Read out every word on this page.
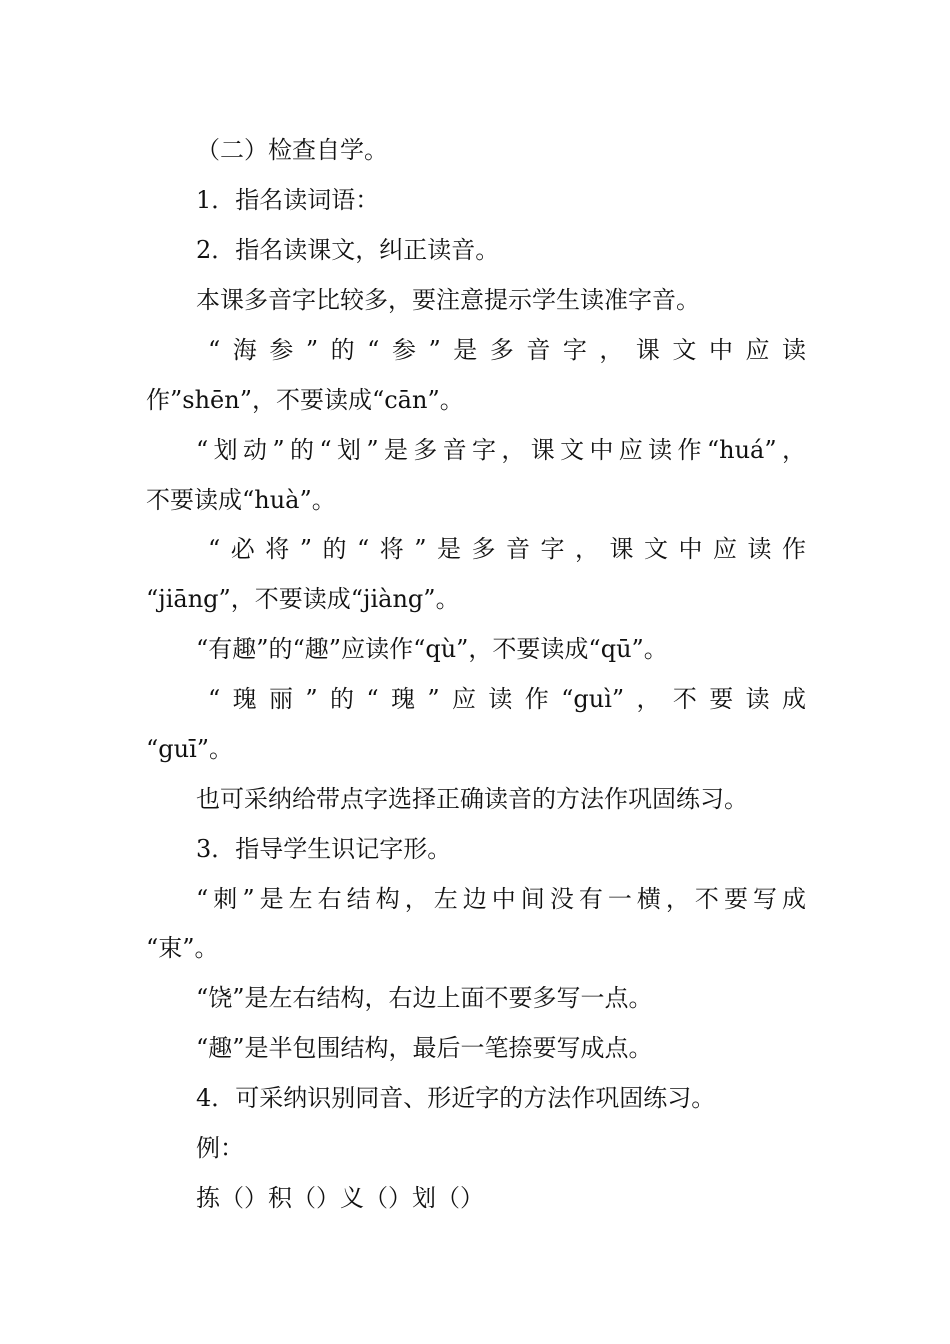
（二）检查自学。
1．指名读词语：
2．指名读课文，纠正读音。
本课多音字比较多，要注意提示学生读准字音。
“海参”的“参”是多音字，课文中应读
作”shēn”，不要读成“cān”。
“划动”的“划”是多音字，课文中应读作“huá”，
不要读成“huà”。
“必将”的“将”是多音字，课文中应读作
“jiāng”，不要读成“jiàng”。
“有趣”的“趣”应读作“qù”，不要读成“qū”。
“瑰丽”的“瑰”应读作“guì”，不要读成
“guī”。
也可采纳给带点字选择正确读音的方法作巩固练习。
3．指导学生识记字形。
“刺”是左右结构，左边中间没有一横，不要写成
“束”。
“饶”是左右结构，右边上面不要多写一点。
“趣”是半包围结构，最后一笔捺要写成点。
4．可采纳识别同音、形近字的方法作巩固练习。
例：
拣（）积（）义（）划（）
